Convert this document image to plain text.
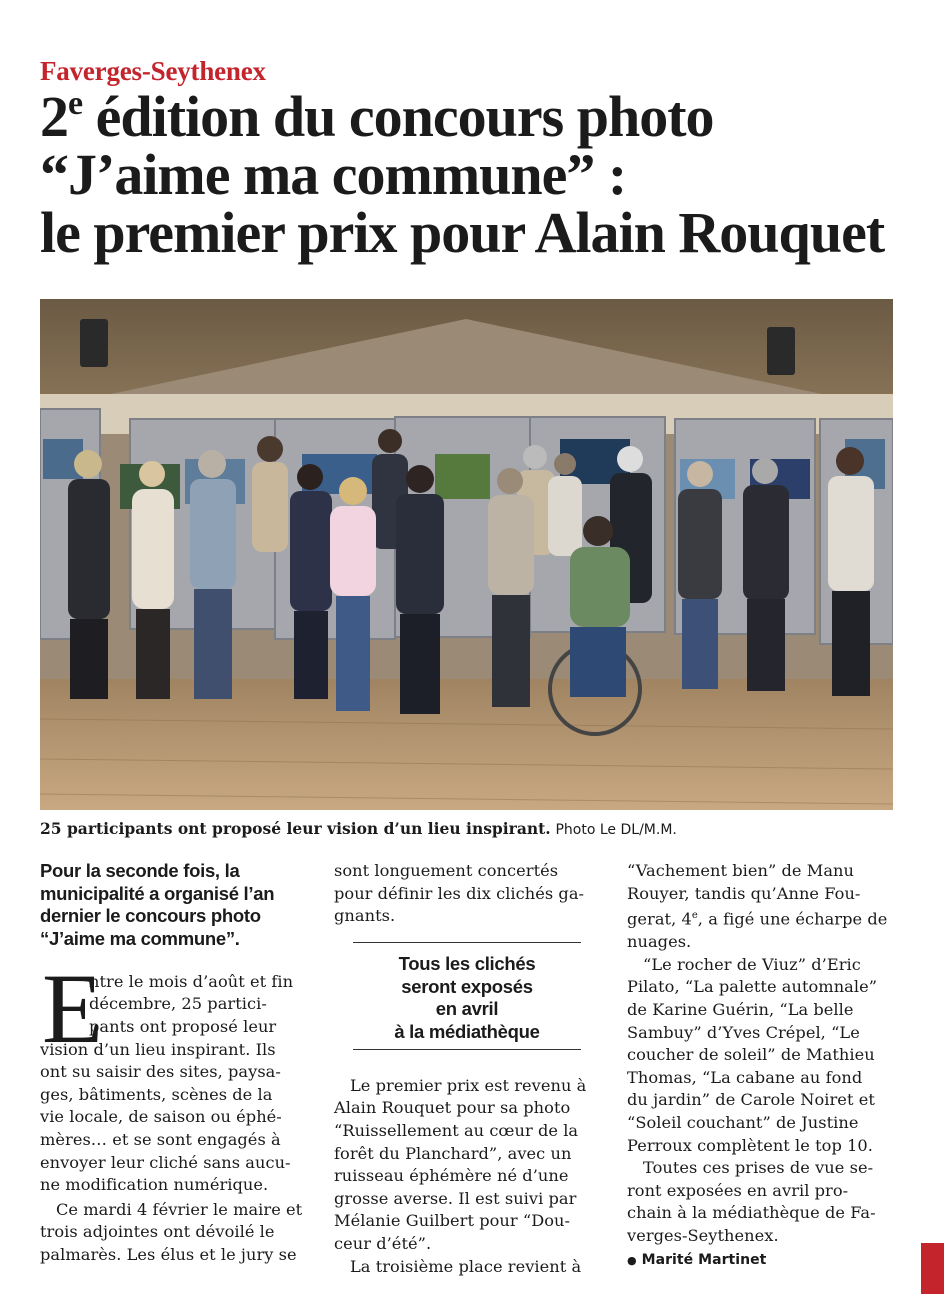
Faverges-Seythenex
2e édition du concours photo
“J’aime ma commune” :
le premier prix pour Alain Rouquet
25 participants ont proposé leur vision d’un lieu inspirant. Photo Le DL/M.M.
Pour la seconde fois, la
municipalité a organisé l’an
dernier le concours photo
“J’aime ma commune”.
E
ntre le mois d’août et fin
décembre, 25 partici-
pants ont proposé leur
vision d’un lieu inspirant. Ils
ont su saisir des sites, paysa-
ges, bâtiments, scènes de la
vie locale, de saison ou éphé-
mères… et se sont engagés à
envoyer leur cliché sans aucu-
ne modification numérique.
Ce mardi 4 février le maire et
trois adjointes ont dévoilé le
palmarès. Les élus et le jury se
sont longuement concertés
pour définir les dix clichés ga-
gnants.
Le premier prix est revenu à
Alain Rouquet pour sa photo
“Ruissellement au cœur de la
forêt du Planchard”, avec un
ruisseau éphémère né d’une
grosse averse. Il est suivi par
Mélanie Guilbert pour “Dou-
ceur d’été”.
La troisième place revient à
Tous les clichés
seront exposés
en avril
à la médiathèque
“Vachement bien” de Manu
Rouyer, tandis qu’Anne Fou-
gerat, 4e, a figé une écharpe de
nuages.
“Le rocher de Viuz” d’Eric
Pilato, “La palette automnale”
de Karine Guérin, “La belle
Sambuy” d’Yves Crépel, “Le
coucher de soleil” de Mathieu
Thomas, “La cabane au fond
du jardin” de Carole Noiret et
“Soleil couchant” de Justine
Perroux complètent le top 10.
Toutes ces prises de vue se-
ront exposées en avril pro-
chain à la médiathèque de Fa-
verges-Seythenex.
● Marité Martinet
